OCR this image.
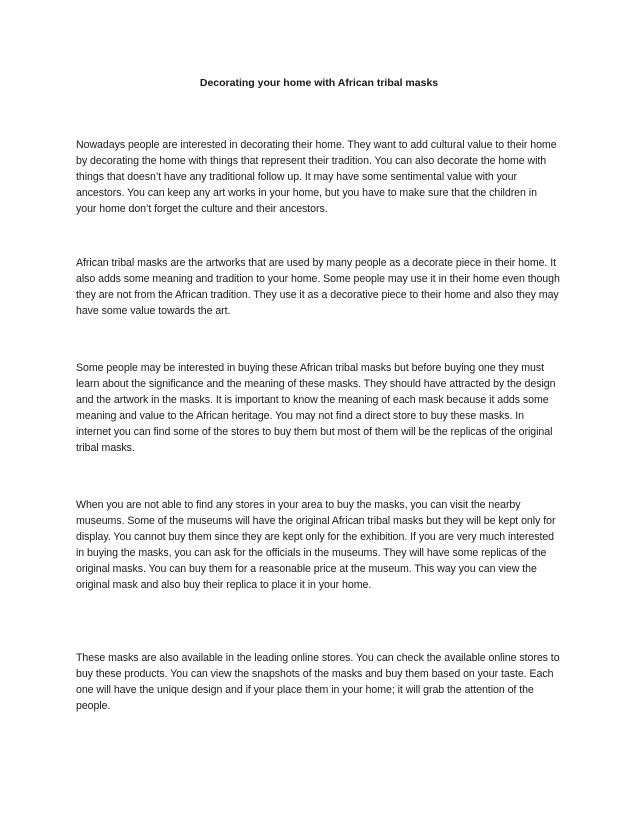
Decorating your home with African tribal masks

Nowadays people are interested in decorating their home. They want to add cultural value to their home by decorating the home with things that represent their tradition. You can also decorate the home with things that doesn’t have any traditional follow up. It may have some sentimental value with your ancestors. You can keep any art works in your home, but you have to make sure that the children in your home don’t forget the culture and their ancestors.

African tribal masks are the artworks that are used by many people as a decorate piece in their home. It also adds some meaning and tradition to your home. Some people may use it in their home even though they are not from the African tradition. They use it as a decorative piece to their home and also they may have some value towards the art.

Some people may be interested in buying these African tribal masks but before buying one they must learn about the significance and the meaning of these masks. They should have attracted by the design and the artwork in the masks. It is important to know the meaning of each mask because it adds some meaning and value to the African heritage. You may not find a direct store to buy these masks. In internet you can find some of the stores to buy them but most of them will be the replicas of the original tribal masks.

When you are not able to find any stores in your area to buy the masks, you can visit the nearby museums. Some of the museums will have the original African tribal masks but they will be kept only for display. You cannot buy them since they are kept only for the exhibition. If you are very much interested in buying the masks, you can ask for the officials in the museums. They will have some replicas of the original masks. You can buy them for a reasonable price at the museum. This way you can view the original mask and also buy their replica to place it in your home.

These masks are also available in the leading online stores. You can check the available online stores to buy these products. You can view the snapshots of the masks and buy them based on your taste. Each one will have the unique design and if your place them in your home; it will grab the attention of the people.
